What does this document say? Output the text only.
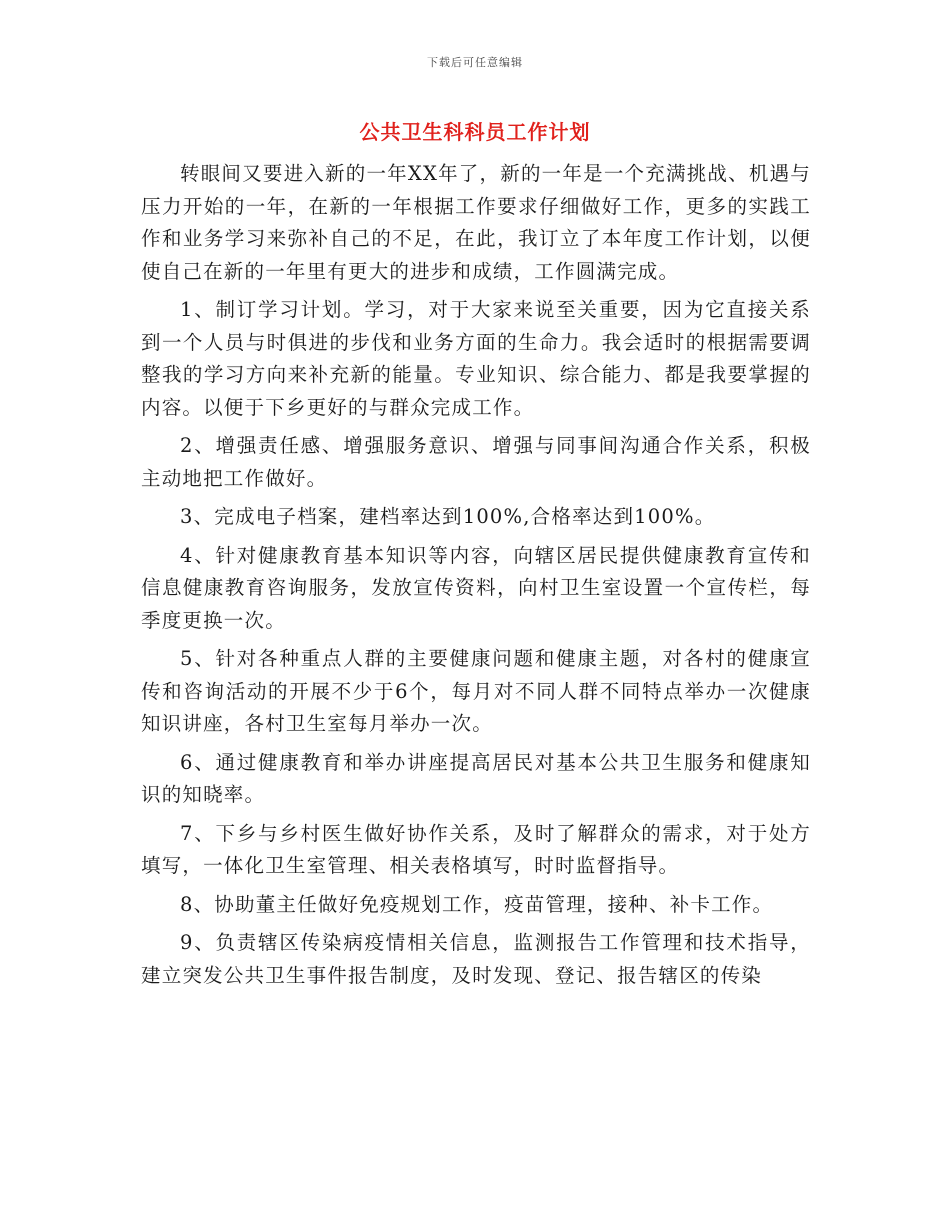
下载后可任意编辑
公共卫生科科员工作计划

转眼间又要进入新的一年XX年了，新的一年是一个充满挑战、机遇与压力开始的一年，在新的一年根据工作要求仔细做好工作，更多的实践工作和业务学习来弥补自己的不足，在此，我订立了本年度工作计划，以便使自己在新的一年里有更大的进步和成绩，工作圆满完成。

1、制订学习计划。学习，对于大家来说至关重要，因为它直接关系到一个人员与时俱进的步伐和业务方面的生命力。我会适时的根据需要调整我的学习方向来补充新的能量。专业知识、综合能力、都是我要掌握的内容。以便于下乡更好的与群众完成工作。

2、增强责任感、增强服务意识、增强与同事间沟通合作关系，积极主动地把工作做好。

3、完成电子档案，建档率达到100%,合格率达到100%。

4、针对健康教育基本知识等内容，向辖区居民提供健康教育宣传和信息健康教育咨询服务，发放宣传资料，向村卫生室设置一个宣传栏，每季度更换一次。

5、针对各种重点人群的主要健康问题和健康主题，对各村的健康宣传和咨询活动的开展不少于6个，每月对不同人群不同特点举办一次健康知识讲座，各村卫生室每月举办一次。

6、通过健康教育和举办讲座提高居民对基本公共卫生服务和健康知识的知晓率。

7、下乡与乡村医生做好协作关系，及时了解群众的需求，对于处方填写，一体化卫生室管理、相关表格填写，时时监督指导。

8、协助董主任做好免疫规划工作，疫苗管理，接种、补卡工作。

9、负责辖区传染病疫情相关信息，监测报告工作管理和技术指导，建立突发公共卫生事件报告制度，及时发现、登记、报告辖区的传染
